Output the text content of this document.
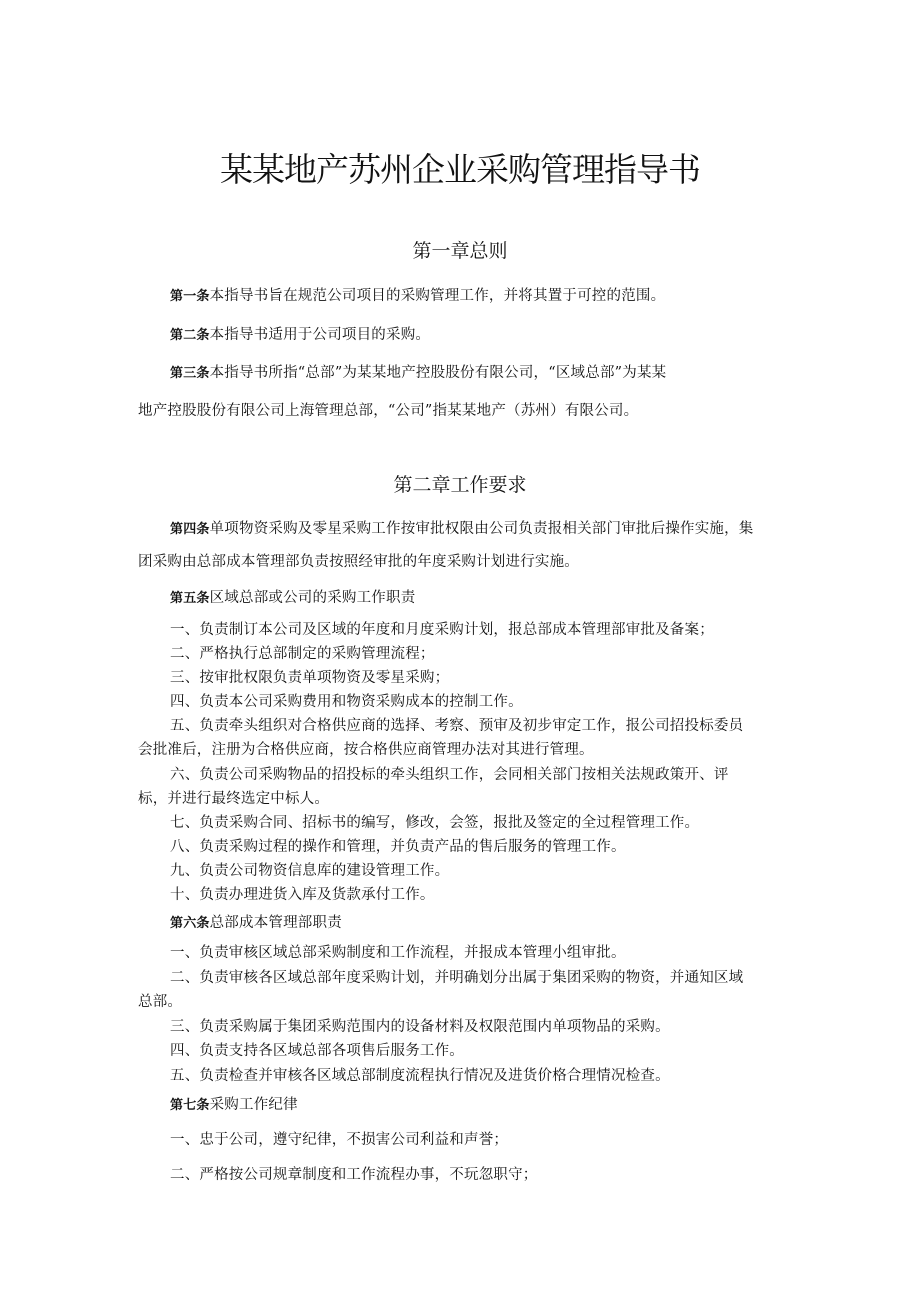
某某地产苏州企业采购管理指导书
第一章总则
第一条本指导书旨在规范公司项目的采购管理工作，并将其置于可控的范围。
第二条本指导书适用于公司项目的采购。
第三条本指导书所指“总部”为某某地产控股股份有限公司，“区域总部”为某某
地产控股股份有限公司上海管理总部，“公司”指某某地产（苏州）有限公司。
第二章工作要求
第四条单项物资采购及零星采购工作按审批权限由公司负责报相关部门审批后操作实施，集
团采购由总部成本管理部负责按照经审批的年度采购计划进行实施。
第五条区域总部或公司的采购工作职责
一、负责制订本公司及区域的年度和月度采购计划，报总部成本管理部审批及备案；
二、严格执行总部制定的采购管理流程；
三、按审批权限负责单项物资及零星采购；
四、负责本公司采购费用和物资采购成本的控制工作。
五、负责牵头组织对合格供应商的选择、考察、预审及初步审定工作，报公司招投标委员
会批准后，注册为合格供应商，按合格供应商管理办法对其进行管理。
六、负责公司采购物品的招投标的牵头组织工作，会同相关部门按相关法规政策开、评
标，并进行最终选定中标人。
七、负责采购合同、招标书的编写，修改，会签，报批及签定的全过程管理工作。
八、负责采购过程的操作和管理，并负责产品的售后服务的管理工作。
九、负责公司物资信息库的建设管理工作。
十、负责办理进货入库及货款承付工作。
第六条总部成本管理部职责
一、负责审核区域总部采购制度和工作流程，并报成本管理小组审批。
二、负责审核各区域总部年度采购计划，并明确划分出属于集团采购的物资，并通知区域
总部。
三、负责采购属于集团采购范围内的设备材料及权限范围内单项物品的采购。
四、负责支持各区域总部各项售后服务工作。
五、负责检查并审核各区域总部制度流程执行情况及进货价格合理情况检查。
第七条采购工作纪律
一、忠于公司，遵守纪律，不损害公司利益和声誉；
二、严格按公司规章制度和工作流程办事，不玩忽职守；
